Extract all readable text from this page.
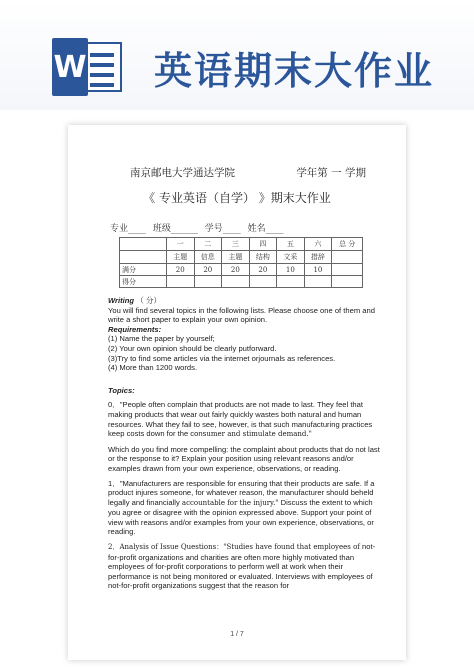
W 英语期末大作业
南京邮电大学通达学院	学年第 一 学期
《 专业英语（自学） 》期末大作业
专业____ 班级______ 学号____ 姓名____
	一	二	三	四	五	六	总 分
	主题	信息	主题	结构	文采	措辞	
满分	20	20	20	20	10	10	
得分							

Writing （ 分）

You will find several topics in the following lists. Please choose one of them and write a short paper to explain your own opinion.

Requirements:

(1) Name the paper by yourself;

(2) Your own opinion should be clearly putforward.

(3)Try to find some articles via the internet orjournals as references.

(4) More than 1200 words.

Topics:

0．"People often complain that products are not made to last. They feel that making products that wear out fairly quickly wastes both natural and human resources. What they fail to see, however, is that such manufacturing practices keep costs down for the consumer and stimulate demand."

Which do you find more compelling: the complaint about products that do not last or the response to it? Explain your position using relevant reasons and/or examples drawn from your own experience, observations, or reading.

1．"Manufacturers are responsible for ensuring that their products are safe. If a product injures someone, for whatever reason, the manufacturer should beheld legally and financially accountable for the injury." Discuss the extent to which you agree or disagree with the opinion expressed above. Support your point of view with reasons and/or examples from your own experience, observations, or reading.

2．Analysis of Issue Questions："Studies have found that employees of not-for-profit organizations and charities are often more highly motivated than employees of for-profit corporations to perform well at work when their performance is not being monitored or evaluated. Interviews with employees of not-for-profit organizations suggest that the reason for

1 / 7
